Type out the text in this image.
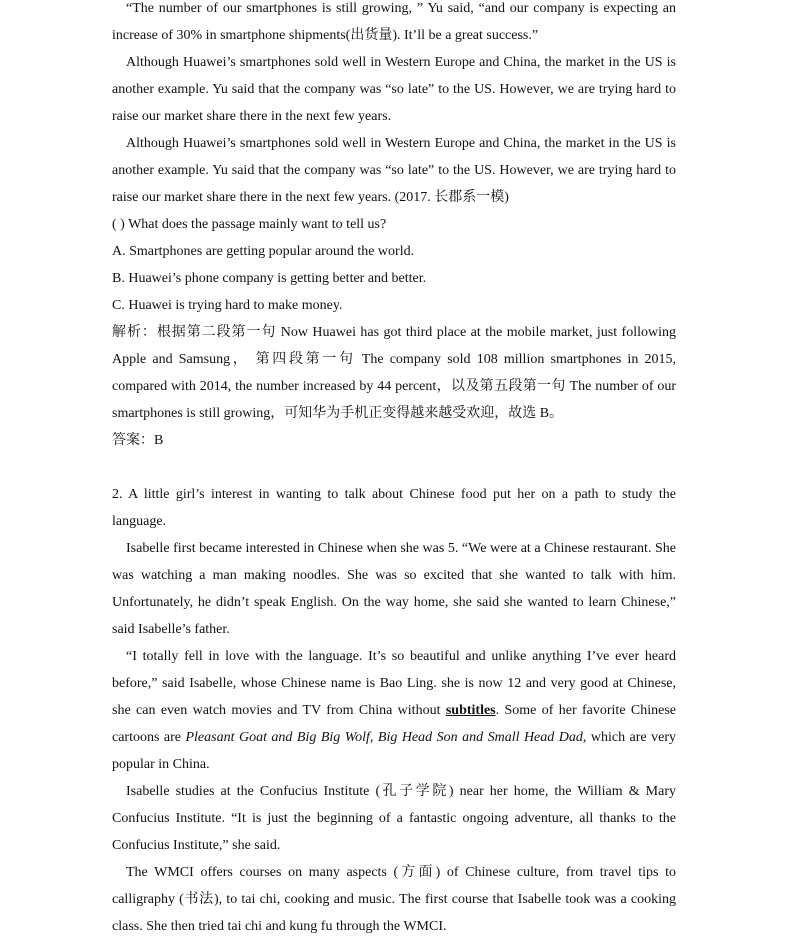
“The number of our smartphones is still growing, ” Yu said, “and our company is expecting an increase of 30% in smartphone shipments(出货量). It’ll be a great success.”

Although Huawei’s smartphones sold well in Western Europe and China, the market in the US is another example. Yu said that the company was “so late” to the US. However, we are trying hard to raise our market share there in the next few years.

Although Huawei’s smartphones sold well in Western Europe and China, the market in the US is another example. Yu said that the company was “so late” to the US. However, we are trying hard to raise our market share there in the next few years. (2017. 长郡系一模)

( ) What does the passage mainly want to tell us?

A. Smartphones are getting popular around the world.

B. Huawei’s phone company is getting better and better.

C. Huawei is trying hard to make money.

解析：根据第二段第一句 Now Huawei has got third place at the mobile market, just following Apple and Samsung， 第四段第一句 The company sold 108 million smartphones in 2015, compared with 2014, the number increased by 44 percent，以及第五段第一句 The number of our smartphones is still growing，可知华为手机正变得越来越受欢迎，故选 B。

答案：B

2. A little girl’s interest in wanting to talk about Chinese food put her on a path to study the language.

Isabelle first became interested in Chinese when she was 5. “We were at a Chinese restaurant. She was watching a man making noodles. She was so excited that she wanted to talk with him. Unfortunately, he didn’t speak English. On the way home, she said she wanted to learn Chinese,” said Isabelle’s father.

“I totally fell in love with the language. It’s so beautiful and unlike anything I’ve ever heard before,” said Isabelle, whose Chinese name is Bao Ling. she is now 12 and very good at Chinese, she can even watch movies and TV from China without subtitles. Some of her favorite Chinese cartoons are Pleasant Goat and Big Big Wolf, Big Head Son and Small Head Dad, which are very popular in China.

Isabelle studies at the Confucius Institute (孔子学院) near her home, the William & Mary Confucius Institute. “It is just the beginning of a fantastic ongoing adventure, all thanks to the Confucius Institute,” she said.

The WMCI offers courses on many aspects (方面) of Chinese culture, from travel tips to calligraphy (书法), to tai chi, cooking and music. The first course that Isabelle took was a cooking class. She then tried tai chi and kung fu through the WMCI.
